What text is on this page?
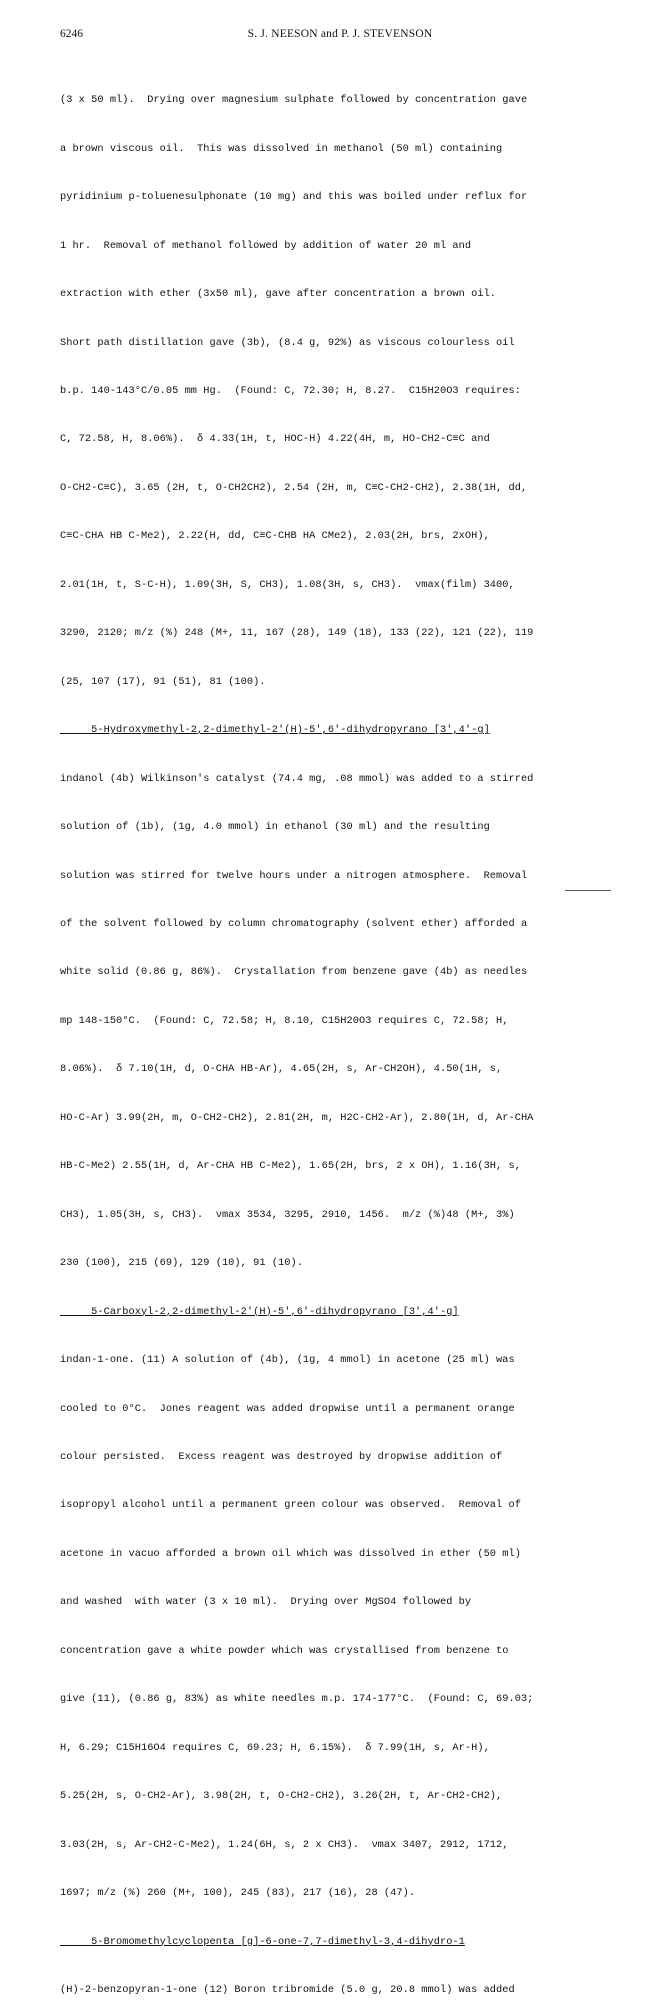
6246	S. J. NEESON and P. J. STEVENSON

(3 x 50 ml).  Drying over magnesium sulphate followed by concentration gave

a brown viscous oil.  This was dissolved in methanol (50 ml) containing

pyridinium p-toluenesulphonate (10 mg) and this was boiled under reflux for

1 hr.  Removal of methanol followed by addition of water 20 ml and

extraction with ether (3x50 ml), gave after concentration a brown oil.

Short path distillation gave (3b), (8.4 g, 92%) as viscous colourless oil

b.p. 140-143°C/0.05 mm Hg.  (Found: C, 72.30; H, 8.27.  C15H20O3 requires:

C, 72.58, H, 8.06%).  δ 4.33(1H, t, HOC-H) 4.22(4H, m, HO-CH2-C≡C and

O-CH2-C≡C), 3.65 (2H, t, O-CH2CH2), 2.54 (2H, m, C≡C-CH2-CH2), 2.38(1H, dd,

C≡C-CHA HB C-Me2), 2.22(H, dd, C≡C-CHB HA CMe2), 2.03(2H, brs, 2xOH),

2.01(1H, t, S-C-H), 1.09(3H, S, CH3), 1.08(3H, s, CH3).  νmax(film) 3400,

3290, 2120; m/z (%) 248 (M+, 11, 167 (28), 149 (18), 133 (22), 121 (22), 119

(25, 107 (17), 91 (51), 81 (100).

5-Hydroxymethyl-2,2-dimethyl-2'(H)-5',6'-dihydropyrano [3',4'-g]

indanol (4b) Wilkinson's catalyst (74.4 mg, .08 mmol) was added to a stirred

solution of (1b), (1g, 4.0 mmol) in ethanol (30 ml) and the resulting

solution was stirred for twelve hours under a nitrogen atmosphere.  Removal

of the solvent followed by column chromatography (solvent ether) afforded a

white solid (0.86 g, 86%).  Crystallation from benzene gave (4b) as needles

mp 148-150°C.  (Found: C, 72.58; H, 8.10, C15H20O3 requires C, 72.58; H,

8.06%).  δ 7.10(1H, d, O-CHA HB-Ar), 4.65(2H, s, Ar-CH2OH), 4.50(1H, s,

HO-C-Ar) 3.99(2H, m, O-CH2-CH2), 2.81(2H, m, H2C-CH2-Ar), 2.80(1H, d, Ar-CHA

HB-C-Me2) 2.55(1H, d, Ar-CHA HB C-Me2), 1.65(2H, brs, 2 x OH), 1.16(3H, s,

CH3), 1.05(3H, s, CH3).  νmax 3534, 3295, 2910, 1456.  m/z (%)48 (M+, 3%)

230 (100), 215 (69), 129 (10), 91 (10).

5-Carboxyl-2,2-dimethyl-2'(H)-5',6'-dihydropyrano [3',4'-g]

indan-1-one. (11) A solution of (4b), (1g, 4 mmol) in acetone (25 ml) was

cooled to 0°C.  Jones reagent was added dropwise until a permanent orange

colour persisted.  Excess reagent was destroyed by dropwise addition of

isopropyl alcohol until a permanent green colour was observed.  Removal of

acetone in vacuo afforded a brown oil which was dissolved in ether (50 ml)

and washed  with water (3 x 10 ml).  Drying over MgSO4 followed by

concentration gave a white powder which was crystallised from benzene to

give (11), (0.86 g, 83%) as white needles m.p. 174-177°C.  (Found: C, 69.03;

H, 6.29; C15H16O4 requires C, 69.23; H, 6.15%).  δ 7.99(1H, s, Ar-H),

5.25(2H, s, O-CH2-Ar), 3.98(2H, t, O-CH2-CH2), 3.26(2H, t, Ar-CH2-CH2),

3.03(2H, s, Ar-CH2-C-Me2), 1.24(6H, s, 2 x CH3).  νmax 3407, 2912, 1712,

1697; m/z (%) 260 (M+, 100), 245 (83), 217 (16), 28 (47).

5-Bromomethylcyclopenta [g]-6-one-7,7-dimethyl-3,4-dihydro-1

(H)-2-benzopyran-1-one (12) Boron tribromide (5.0 g, 20.8 mmol) was added
